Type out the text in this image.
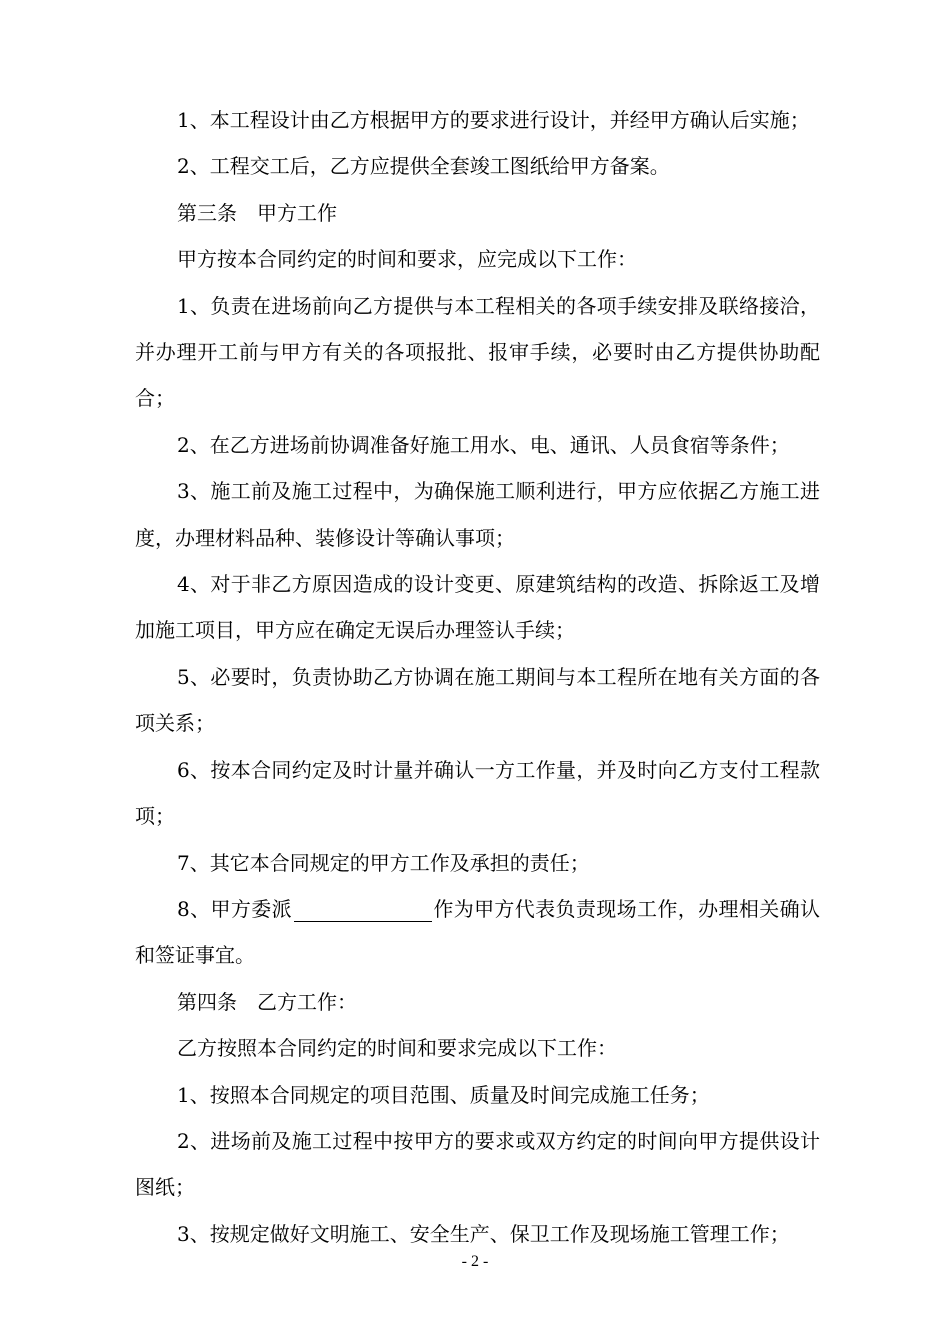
1、本工程设计由乙方根据甲方的要求进行设计，并经甲方确认后实施；

2、工程交工后，乙方应提供全套竣工图纸给甲方备案。

第三条　甲方工作

甲方按本合同约定的时间和要求，应完成以下工作：

1、负责在进场前向乙方提供与本工程相关的各项手续安排及联络接洽，并办理开工前与甲方有关的各项报批、报审手续，必要时由乙方提供协助配合；

2、在乙方进场前协调准备好施工用水、电、通讯、人员食宿等条件；

3、施工前及施工过程中，为确保施工顺利进行，甲方应依据乙方施工进度，办理材料品种、装修设计等确认事项；

4、对于非乙方原因造成的设计变更、原建筑结构的改造、拆除返工及增加施工项目，甲方应在确定无误后办理签认手续；

5、必要时，负责协助乙方协调在施工期间与本工程所在地有关方面的各项关系；

6、按本合同约定及时计量并确认一方工作量，并及时向乙方支付工程款项；

7、其它本合同规定的甲方工作及承担的责任；

8、甲方委派	作为甲方代表负责现场工作，办理相关确认和签证事宜。

第四条　乙方工作：

乙方按照本合同约定的时间和要求完成以下工作：

1、按照本合同规定的项目范围、质量及时间完成施工任务；

2、进场前及施工过程中按甲方的要求或双方约定的时间向甲方提供设计图纸；

3、按规定做好文明施工、安全生产、保卫工作及现场施工管理工作；

- 2 -
